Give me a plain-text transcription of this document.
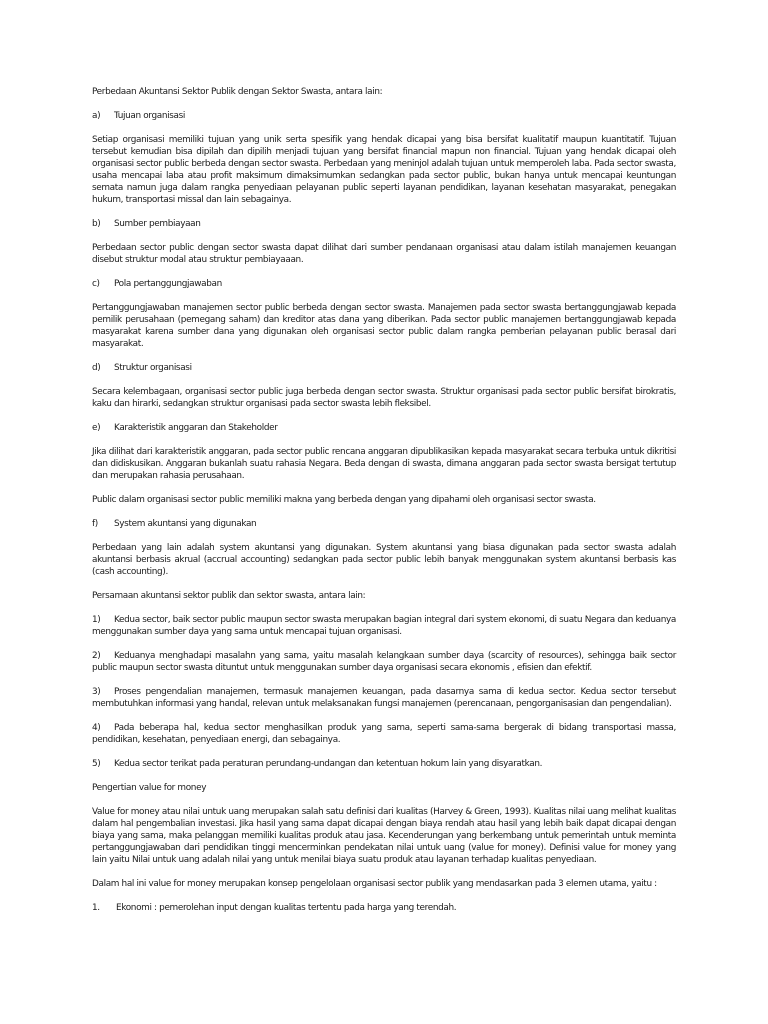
Perbedaan Akuntansi Sektor Publik dengan Sektor Swasta, antara lain:

a)	Tujuan organisasi

Setiap organisasi memiliki tujuan yang unik serta spesifik yang hendak dicapai yang bisa bersifat kualitatif maupun kuantitatif. Tujuan tersebut kemudian bisa dipilah dan dipilih menjadi tujuan yang bersifat financial mapun non financial. Tujuan yang hendak dicapai oleh organisasi sector public berbeda dengan sector swasta. Perbedaan yang meninjol adalah tujuan untuk memperoleh laba. Pada sector swasta, usaha mencapai laba atau profit maksimum dimaksimumkan sedangkan pada sector public, bukan hanya untuk mencapai keuntungan semata namun juga dalam rangka penyediaan pelayanan public seperti layanan pendidikan, layanan kesehatan masyarakat, penegakan hukum, transportasi missal dan lain sebagainya.

b)	Sumber pembiayaan

Perbedaan sector public dengan sector swasta dapat dilihat dari sumber pendanaan organisasi atau dalam istilah manajemen keuangan disebut struktur modal atau struktur pembiayaaan.

c)	Pola pertanggungjawaban

Pertanggungjawaban manajemen sector public berbeda dengan sector swasta. Manajemen pada sector swasta bertanggungjawab kepada pemilik perusahaan (pemegang saham) dan kreditor atas dana yang diberikan. Pada sector public manajemen bertanggungjawab kepada masyarakat karena sumber dana yang digunakan oleh organisasi sector public dalam rangka pemberian pelayanan public berasal dari masyarakat.

d)	Struktur organisasi

Secara kelembagaan, organisasi sector public juga berbeda dengan sector swasta. Struktur organisasi pada sector public bersifat birokratis, kaku dan hirarki, sedangkan struktur organisasi pada sector swasta lebih fleksibel.

e)	Karakteristik anggaran dan Stakeholder

Jika dilihat dari karakteristik anggaran, pada sector public rencana anggaran dipublikasikan kepada masyarakat secara terbuka untuk dikritisi dan didiskusikan. Anggaran bukanlah suatu rahasia Negara. Beda dengan di swasta, dimana anggaran pada sector swasta bersigat tertutup dan merupakan rahasia perusahaan.

Public dalam organisasi sector public memiliki makna yang berbeda dengan yang dipahami oleh organisasi sector swasta.

f)	System akuntansi yang digunakan

Perbedaan yang lain adalah system akuntansi yang digunakan. System akuntansi yang biasa digunakan pada sector swasta adalah akuntansi berbasis akrual (accrual accounting) sedangkan pada sector public lebih banyak menggunakan system akuntansi berbasis kas (cash accounting).

Persamaan akuntansi sektor publik dan sektor swasta, antara lain:

1) Kedua sector, baik sector public maupun sector swasta merupakan bagian integral dari system ekonomi, di suatu Negara dan keduanya menggunakan sumber daya yang sama untuk mencapai tujuan organisasi.

2) Keduanya menghadapi masalahn yang sama, yaitu masalah kelangkaan sumber daya (scarcity of resources), sehingga baik sector public maupun sector swasta dituntut untuk menggunakan sumber daya organisasi secara ekonomis , efisien dan efektif.

3) Proses pengendalian manajemen, termasuk manajemen keuangan, pada dasarnya sama di kedua sector. Kedua sector tersebut membutuhkan informasi yang handal, relevan untuk melaksanakan fungsi manajemen (perencanaan, pengorganisasian dan pengendalian).

4) Pada beberapa hal, kedua sector menghasilkan produk yang sama, seperti sama-sama bergerak di bidang transportasi massa, pendidikan, kesehatan, penyediaan energi, dan sebagainya.

5) Kedua sector terikat pada peraturan perundang-undangan dan ketentuan hokum lain yang disyaratkan.

Pengertian value for money

Value for money atau nilai untuk uang merupakan salah satu definisi dari kualitas (Harvey & Green, 1993). Kualitas nilai uang melihat kualitas dalam hal pengembalian investasi. Jika hasil yang sama dapat dicapai dengan biaya rendah atau hasil yang lebih baik dapat dicapai dengan biaya yang sama, maka pelanggan memiliki kualitas produk atau jasa. Kecenderungan yang berkembang untuk pemerintah untuk meminta pertanggungjawaban dari pendidikan tinggi mencerminkan pendekatan nilai untuk uang (value for money). Definisi value for money yang lain yaitu Nilai untuk uang adalah nilai yang untuk menilai biaya suatu produk atau layanan terhadap kualitas penyediaan.

Dalam hal ini value for money merupakan konsep pengelolaan organisasi sector publik yang mendasarkan pada 3 elemen utama, yaitu :

1.	Ekonomi : pemerolehan input dengan kualitas tertentu pada harga yang terendah.
